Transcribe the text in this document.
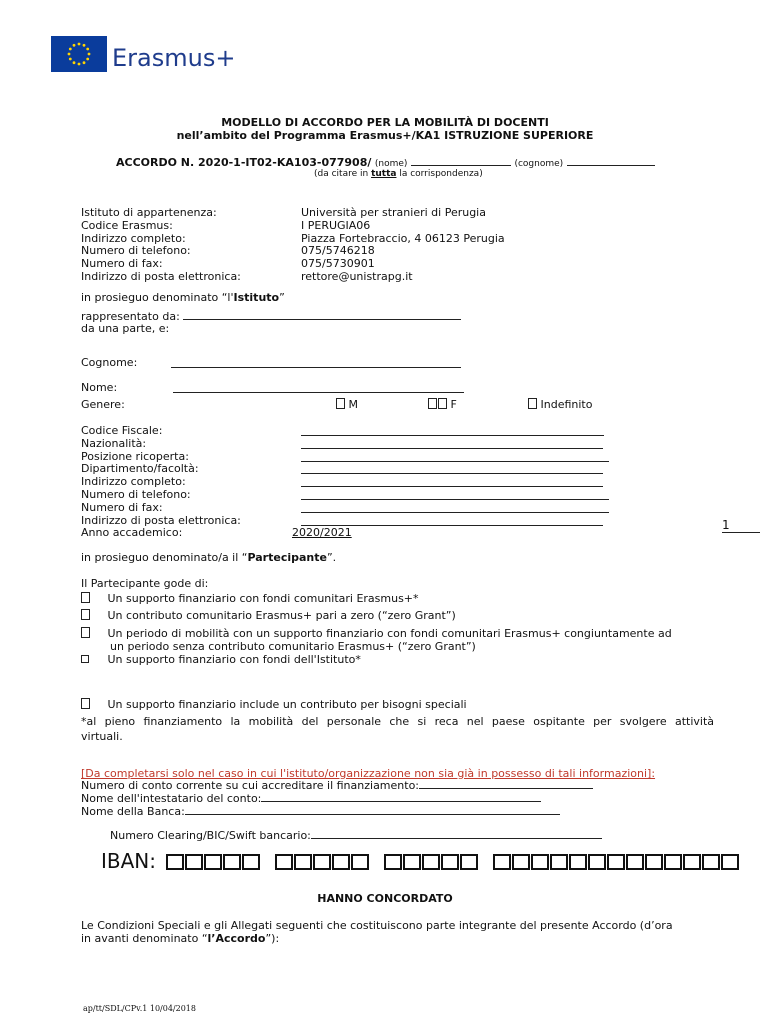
Erasmus+
MODELLO DI ACCORDO PER LA MOBILITÀ DI DOCENTI
nell’ambito del Programma Erasmus+/KA1 ISTRUZIONE SUPERIORE
ACCORDO N. 2020-1-IT02-KA103-077908/ (nome)	(cognome)
(da citare in tutta la corrispondenza)
Istituto di appartenenza:	Università per stranieri di Perugia
Codice Erasmus:	I PERUGIA06
Indirizzo completo:	Piazza Fortebraccio, 4 06123 Perugia
Numero di telefono:	075/5746218
Numero di fax:	075/5730901
Indirizzo di posta elettronica:	rettore@unistrapg.it
in prosieguo denominato “l'Istituto”
rappresentato da:
da una parte, e:
Cognome:
Nome:
Genere:	M	F	Indefinito
Codice Fiscale:
Nazionalità:
Posizione ricoperta:
Dipartimento/facoltà:
Indirizzo completo:
Numero di telefono:
Numero di fax:
Indirizzo di posta elettronica:
Anno accademico:	2020/2021
1
in prosieguo denominato/a il “Partecipante”.
Il Partecipante gode di:
Un supporto finanziario con fondi comunitari Erasmus+*
Un contributo comunitario Erasmus+ pari a zero (“zero Grant”)
Un periodo di mobilità con un supporto finanziario con fondi comunitari Erasmus+ congiuntamente ad
un periodo senza contributo comunitario Erasmus+ (“zero Grant”)
Un supporto finanziario con fondi dell'Istituto*
Un supporto finanziario include un contributo per bisogni speciali
*al pieno finanziamento la mobilità del personale che si reca nel paese ospitante per svolgere attività
virtuali.
[Da completarsi solo nel caso in cui l'istituto/organizzazione non sia già in possesso di tali informazioni]:
Numero di conto corrente su cui accreditare il finanziamento:
Nome dell'intestatario del conto:
Nome della Banca:
Numero Clearing/BIC/Swift bancario:
IBAN:
HANNO CONCORDATO
Le Condizioni Speciali e gli Allegati seguenti che costituiscono parte integrante del presente Accordo (d’ora
in avanti denominato “l’Accordo”):
ap/tt/SDL/CPv.1 10/04/2018
